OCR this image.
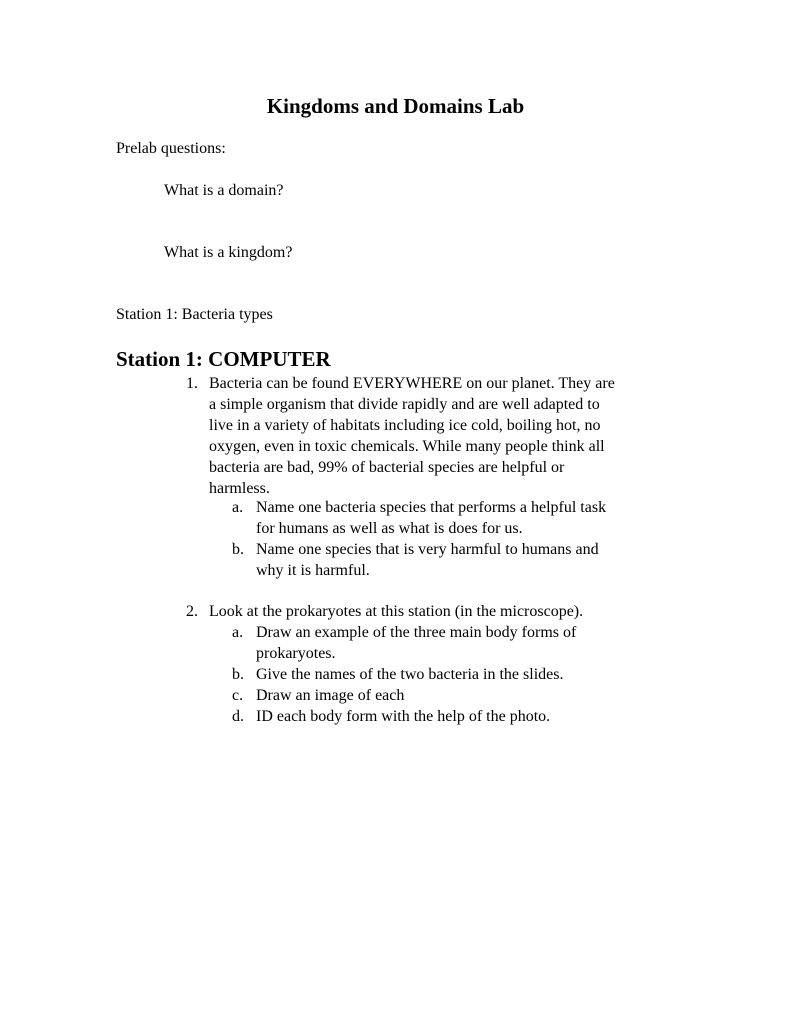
Kingdoms and Domains Lab

Prelab questions:

What is a domain?

What is a kingdom?

Station 1: Bacteria types

Station 1: COMPUTER
1. Bacteria can be found EVERYWHERE on our planet. They are
a simple organism that divide rapidly and are well adapted to
live in a variety of habitats including ice cold, boiling hot, no
oxygen, even in toxic chemicals. While many people think all
bacteria are bad, 99% of bacterial species are helpful or
harmless.
a. Name one bacteria species that performs a helpful task
for humans as well as what is does for us.
b. Name one species that is very harmful to humans and
why it is harmful.
2. Look at the prokaryotes at this station (in the microscope).
a. Draw an example of the three main body forms of
prokaryotes.
b. Give the names of the two bacteria in the slides.
c. Draw an image of each
d. ID each body form with the help of the photo.
